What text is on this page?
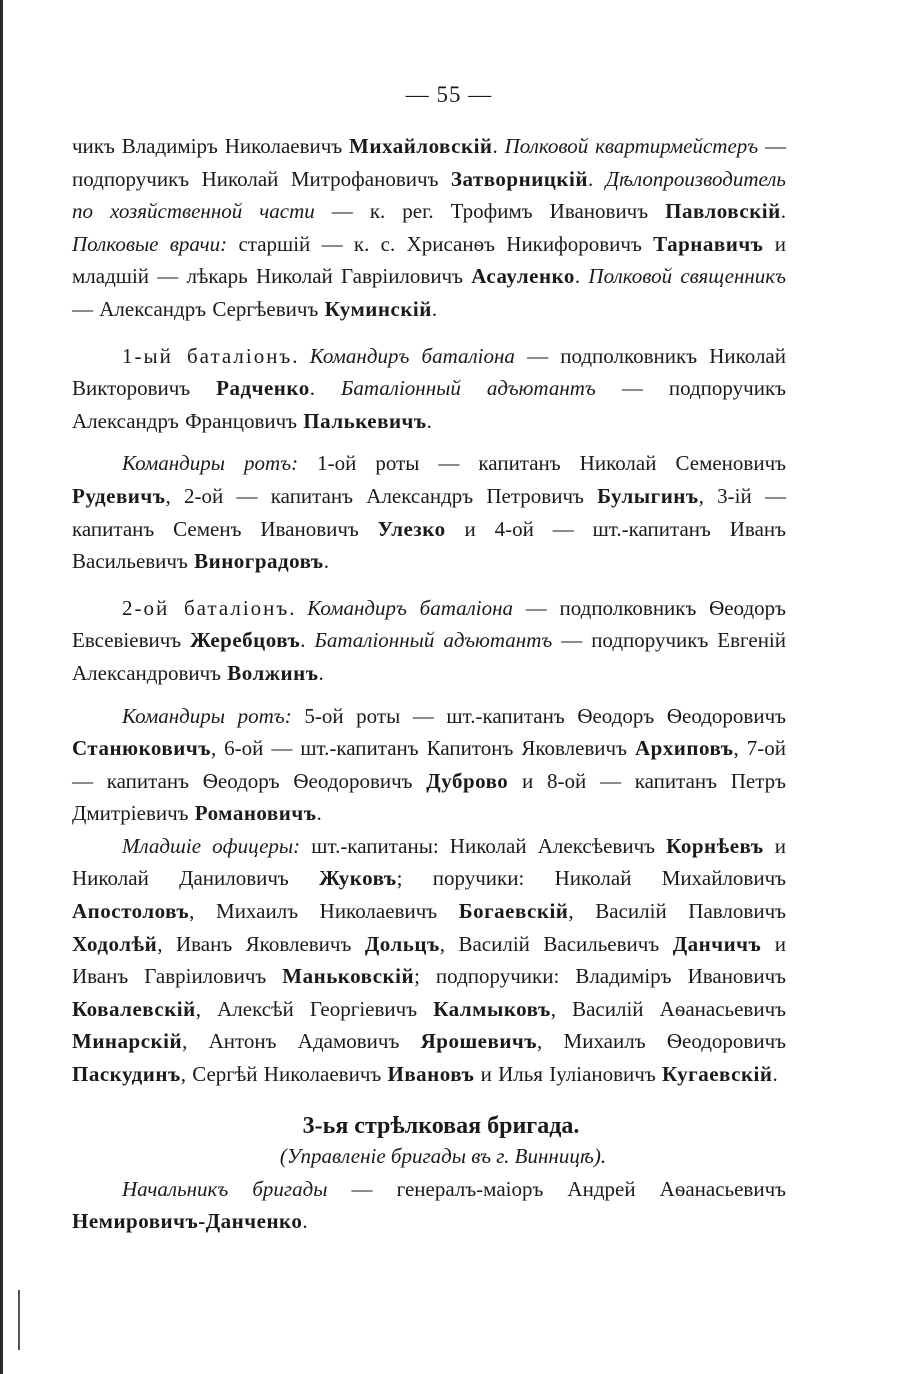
— 55 —

чикъ Владиміръ Николаевичъ Михайловскій. Полковой квартирмейстеръ — подпоручикъ Николай Митрофановичъ Затворницкій. Дѣлопроизводитель по хозяйственной части — к. рег. Трофимъ Ивановичъ Павловскій. Полковые врачи: старшій — к. с. Хрисанѳъ Никифоровичъ Тарнавичъ и младшій — лѣкарь Николай Гавріиловичъ Асауленко. Полковой священникъ — Александръ Сергѣевичъ Куминскій.

1-ый баталіонъ. Командиръ баталіона — подполковникъ Николай Викторовичъ Радченко. Баталіонный адъютантъ — подпоручикъ Александръ Францовичъ Палькевичъ.

Командиры ротъ: 1-ой роты — капитанъ Николай Семеновичъ Рудевичъ, 2-ой — капитанъ Александръ Петровичъ Булыгинъ, 3-ій — капитанъ Семенъ Ивановичъ Улезко и 4-ой — шт.-капитанъ Иванъ Васильевичъ Виноградовъ.

2-ой баталіонъ. Командиръ баталіона — подполковникъ Ѳеодоръ Евсевіевичъ Жеребцовъ. Баталіонный адъютантъ — подпоручикъ Евгеній Александровичъ Волжинъ.

Командиры ротъ: 5-ой роты — шт.-капитанъ Ѳеодоръ Ѳеодоровичъ Станюковичъ, 6-ой — шт.-капитанъ Капитонъ Яковлевичъ Архиповъ, 7-ой — капитанъ Ѳеодоръ Ѳеодоровичъ Дуброво и 8-ой — капитанъ Петръ Дмитріевичъ Романовичъ.

Младшіе офицеры: шт.-капитаны: Николай Алексѣевичъ Корнѣевъ и Николай Даниловичъ Жуковъ; поручики: Николай Михайловичъ Апостоловъ, Михаилъ Николаевичъ Богаевскій, Василій Павловичъ Ходолѣй, Иванъ Яковлевичъ Дольцъ, Василій Васильевичъ Данчичъ и Иванъ Гавріиловичъ Маньковскій; подпоручики: Владиміръ Ивановичъ Ковалевскій, Алексѣй Георгіевичъ Калмыковъ, Василій Аѳанасьевичъ Минарскій, Антонъ Адамовичъ Ярошевичъ, Михаилъ Ѳеодоровичъ Паскудинъ, Сергѣй Николаевичъ Ивановъ и Илья Іуліановичъ Кугаевскій.

3-ья стрѣлковая бригада.
(Управленіе бригады въ г. Винницѣ).

Начальникъ бригады — генералъ-маіоръ Андрей Аѳанасьевичъ Немировичъ-Данченко.
